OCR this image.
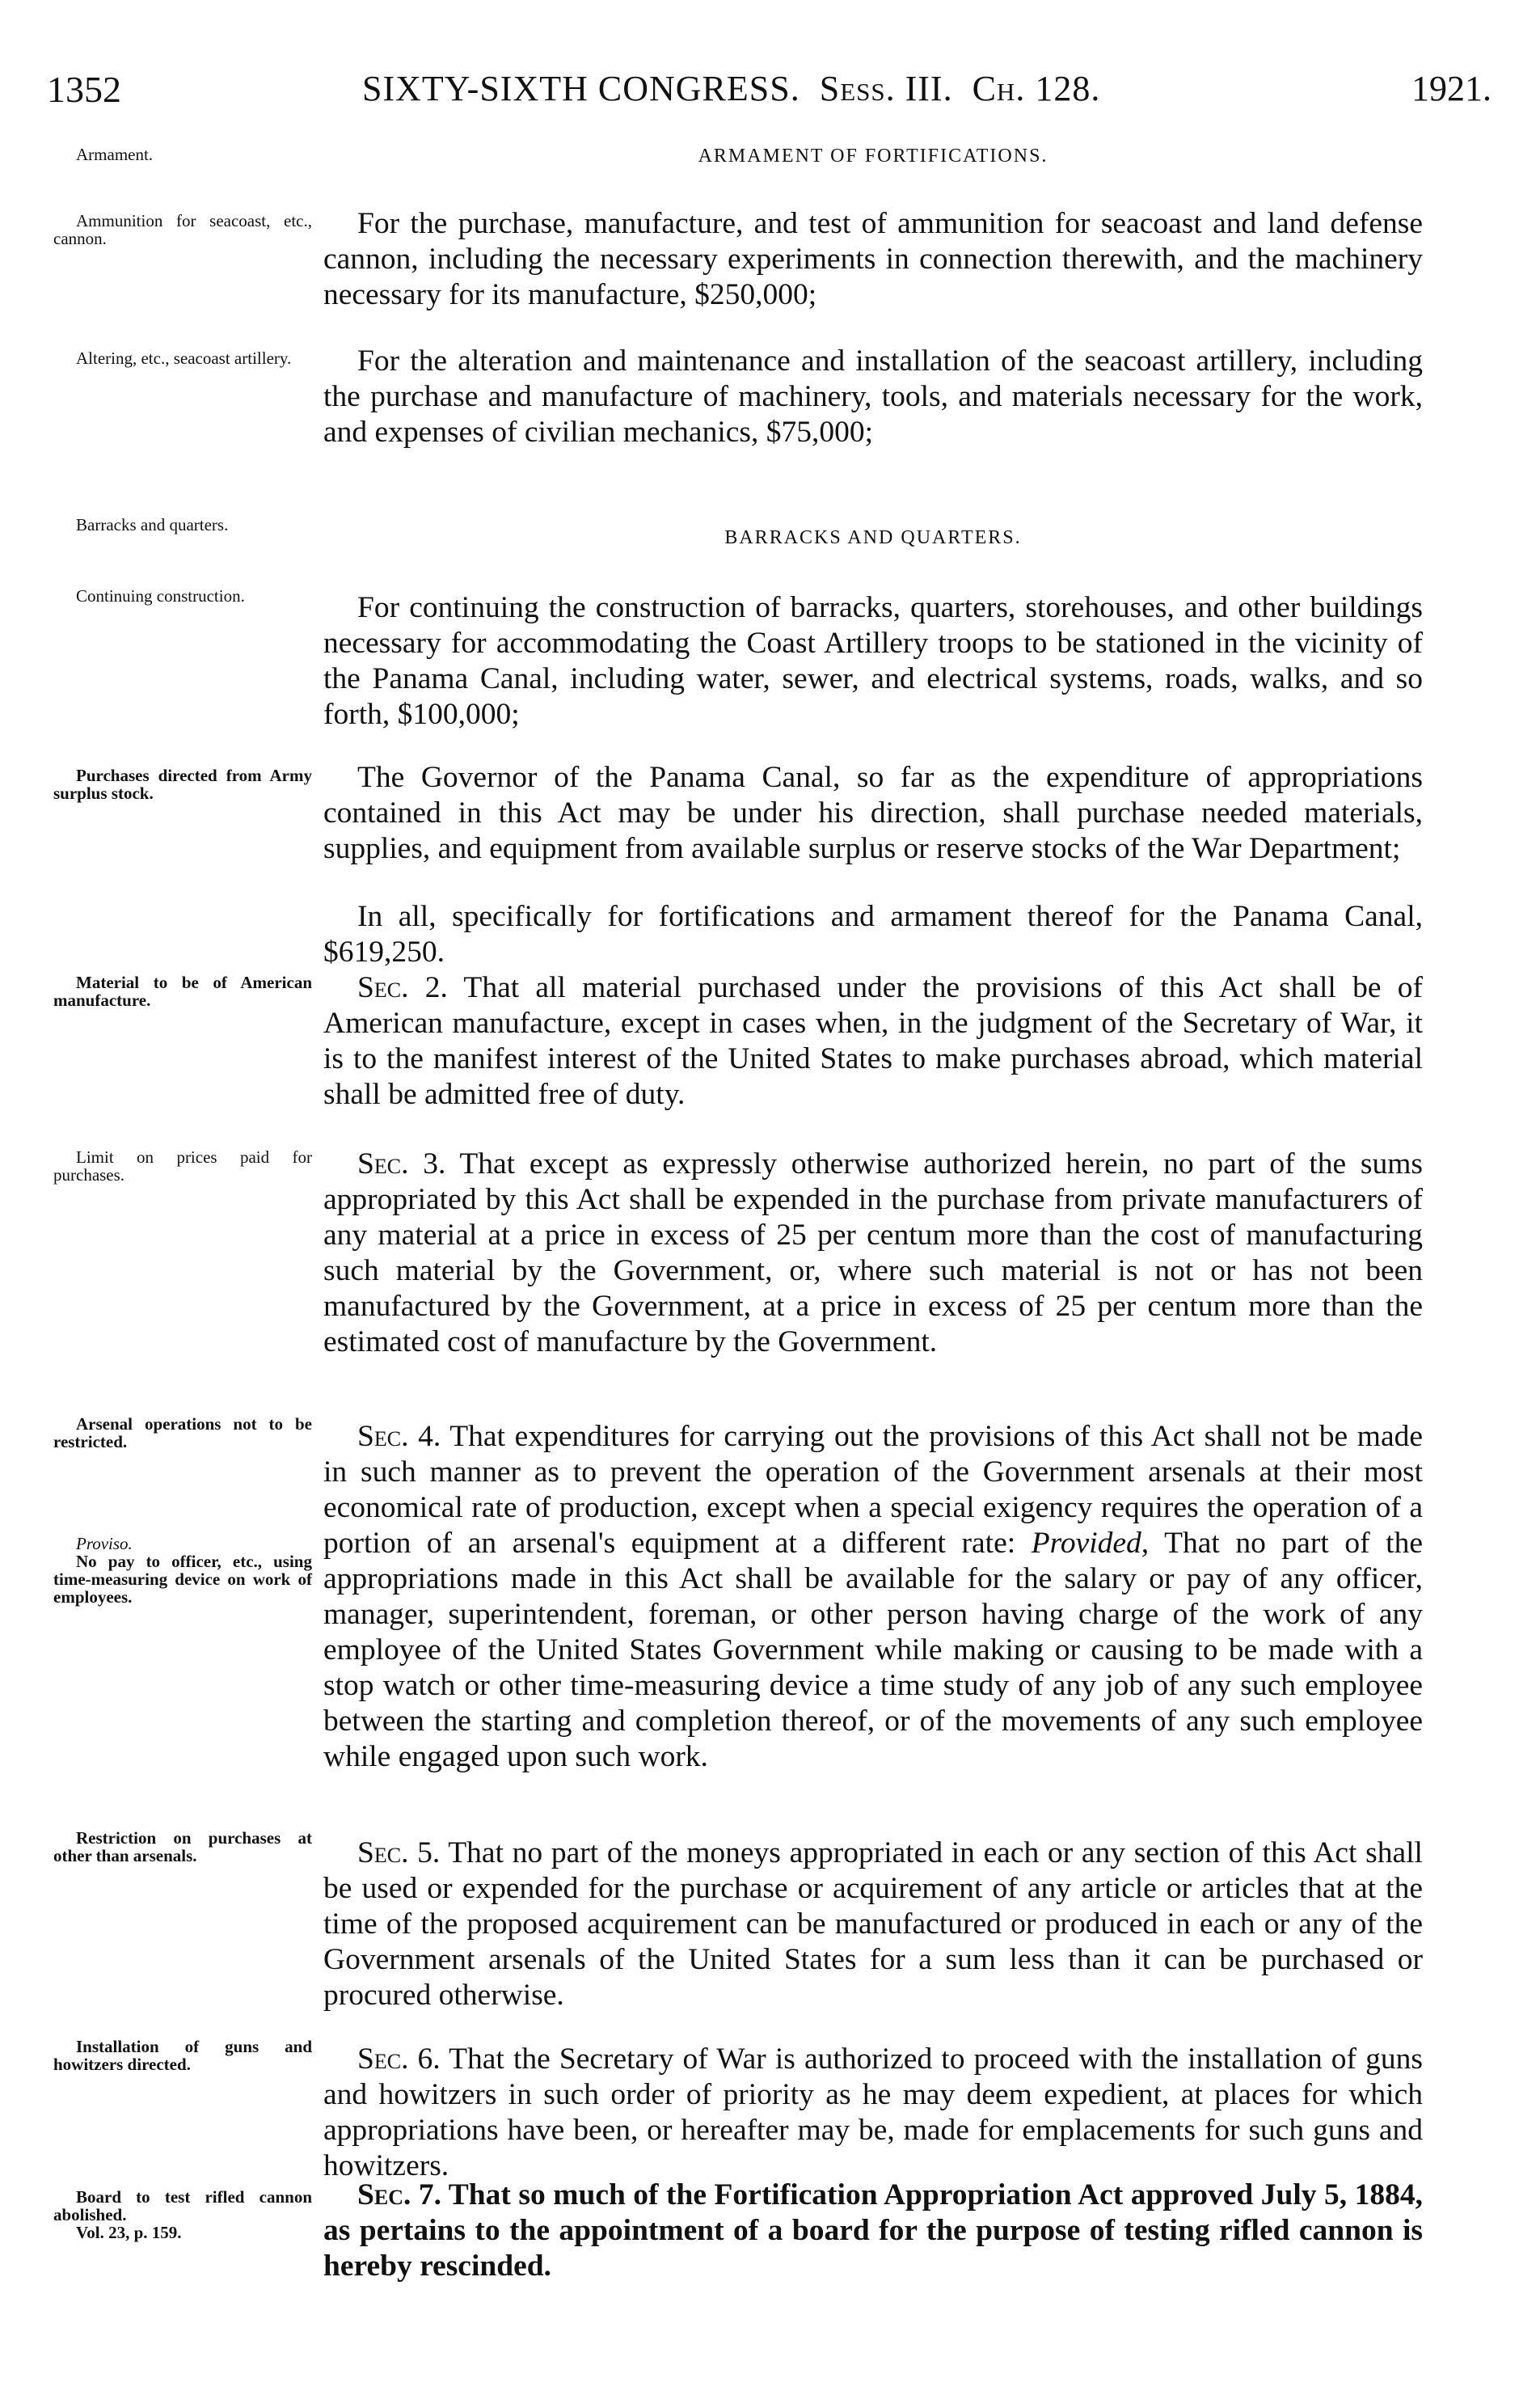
1352	SIXTY-SIXTH CONGRESS. Sess. III. Ch. 128.	1921.
ARMAMENT OF FORTIFICATIONS.
BARRACKS AND QUARTERS.
Armament.
Ammunition for seacoast, etc., cannon.
Altering, etc., seacoast artillery.
Barracks and quarters.
Continuing construction.
Purchases directed from Army surplus stock.
Material to be of American manufacture.
Limit on prices paid for purchases.
Arsenal operations not to be restricted.
Proviso.
No pay to officer, etc., using time-measuring device on work of employees.
Restriction on purchases at other than arsenals.
Installation of guns and howitzers directed.
Board to test rifled cannon abolished.
Vol. 23, p. 159.
For the purchase, manufacture, and test of ammunition for seacoast and land defense cannon, including the necessary experiments in connection therewith, and the machinery necessary for its manufacture, $250,000;
For the alteration and maintenance and installation of the seacoast artillery, including the purchase and manufacture of machinery, tools, and materials necessary for the work, and expenses of civilian mechanics, $75,000;
For continuing the construction of barracks, quarters, storehouses, and other buildings necessary for accommodating the Coast Artillery troops to be stationed in the vicinity of the Panama Canal, including water, sewer, and electrical systems, roads, walks, and so forth, $100,000;
The Governor of the Panama Canal, so far as the expenditure of appropriations contained in this Act may be under his direction, shall purchase needed materials, supplies, and equipment from available surplus or reserve stocks of the War Department;
In all, specifically for fortifications and armament thereof for the Panama Canal, $619,250.
Sec. 2. That all material purchased under the provisions of this Act shall be of American manufacture, except in cases when, in the judgment of the Secretary of War, it is to the manifest interest of the United States to make purchases abroad, which material shall be admitted free of duty.
Sec. 3. That except as expressly otherwise authorized herein, no part of the sums appropriated by this Act shall be expended in the purchase from private manufacturers of any material at a price in excess of 25 per centum more than the cost of manufacturing such material by the Government, or, where such material is not or has not been manufactured by the Government, at a price in excess of 25 per centum more than the estimated cost of manufacture by the Government.
Sec. 4. That expenditures for carrying out the provisions of this Act shall not be made in such manner as to prevent the operation of the Government arsenals at their most economical rate of production, except when a special exigency requires the operation of a portion of an arsenal's equipment at a different rate: Provided, That no part of the appropriations made in this Act shall be available for the salary or pay of any officer, manager, superintendent, foreman, or other person having charge of the work of any employee of the United States Government while making or causing to be made with a stop watch or other time-measuring device a time study of any job of any such employee between the starting and completion thereof, or of the movements of any such employee while engaged upon such work.
Sec. 5. That no part of the moneys appropriated in each or any section of this Act shall be used or expended for the purchase or acquirement of any article or articles that at the time of the proposed acquirement can be manufactured or produced in each or any of the Government arsenals of the United States for a sum less than it can be purchased or procured otherwise.
Sec. 6. That the Secretary of War is authorized to proceed with the installation of guns and howitzers in such order of priority as he may deem expedient, at places for which appropriations have been, or hereafter may be, made for emplacements for such guns and howitzers.
Sec. 7. That so much of the Fortification Appropriation Act approved July 5, 1884, as pertains to the appointment of a board for the purpose of testing rifled cannon is hereby rescinded.
